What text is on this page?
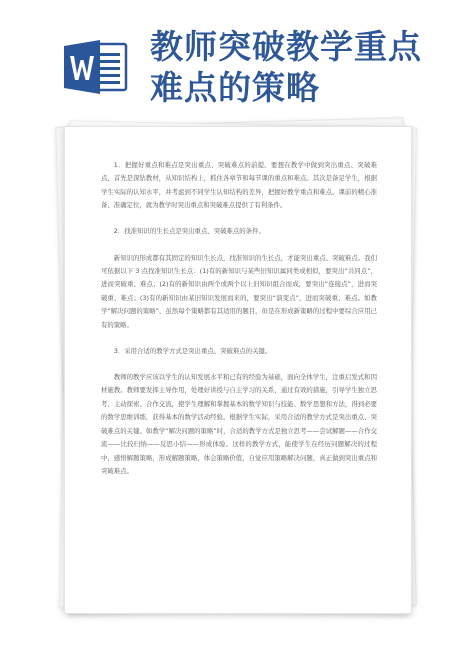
教师突破教学重点
难点的策略

1．把握好重点和难点是突出重点、突破难点的前提。要想在教学中做到突出重点、突破难点，首先是深钻教材，从知识结构上，抓住各章节和每节课的重点和难点。其次是备足学生，根据学生实际的认知水平，并考虑到不同学生认知结构的差异，把握好教学重点和难点。课前的精心准备、准确定位，就为教学时突出重点和突破难点提供了有利条件。

2．找准知识的生长点是突出重点、突破难点的条件。

新知识的形成都有其固定的知识生长点，找准知识的生长点，才能突出重点、突破难点。我们可依据以下 3 点找准知识生长点：(1)有的新知识与某些旧知识属同类或相似，要突出“共同点”，进而突破重、难点；(2)有的新知识由两个或两个以上旧知识组合而成，要突出“连接点”，进而突破重、难点；(3)有的新知识由某旧知识发展而来的，要突出“演变点”，进而突破重、难点。如教学“解决问题的策略”，虽然每个策略都有其适用的题目，但是在形成新策略的过程中要综合应用已有的策略。

3．采用合适的教学方式是突出重点、突破难点的关键。

教师的教学应该以学生的认知发展水平和已有的经验为基础，面向全体学生，注重启发式和因材施教。教师要发挥主导作用，处理好讲授与自主学习的关系，通过有效的措施，引导学生独立思考、主动探索、合作交流，使学生理解和掌握基本的数学知识与技能、数学思想和方法，得到必要的数学思维训练，获得基本的数学活动经验。根据学生实际，采用合适的教学方式是突出重点、突破难点的关键。如教学“解决问题的策略”时，合适的教学方式是独立思考——尝试解题——合作交流——比较归纳——反思小结——形成体验。这样的教学方式，能使学生在经历问题解决的过程中，感悟解题策略，形成解题策略，体会策略价值，自觉应用策略解决问题，真正做到突出重点和突破难点。
